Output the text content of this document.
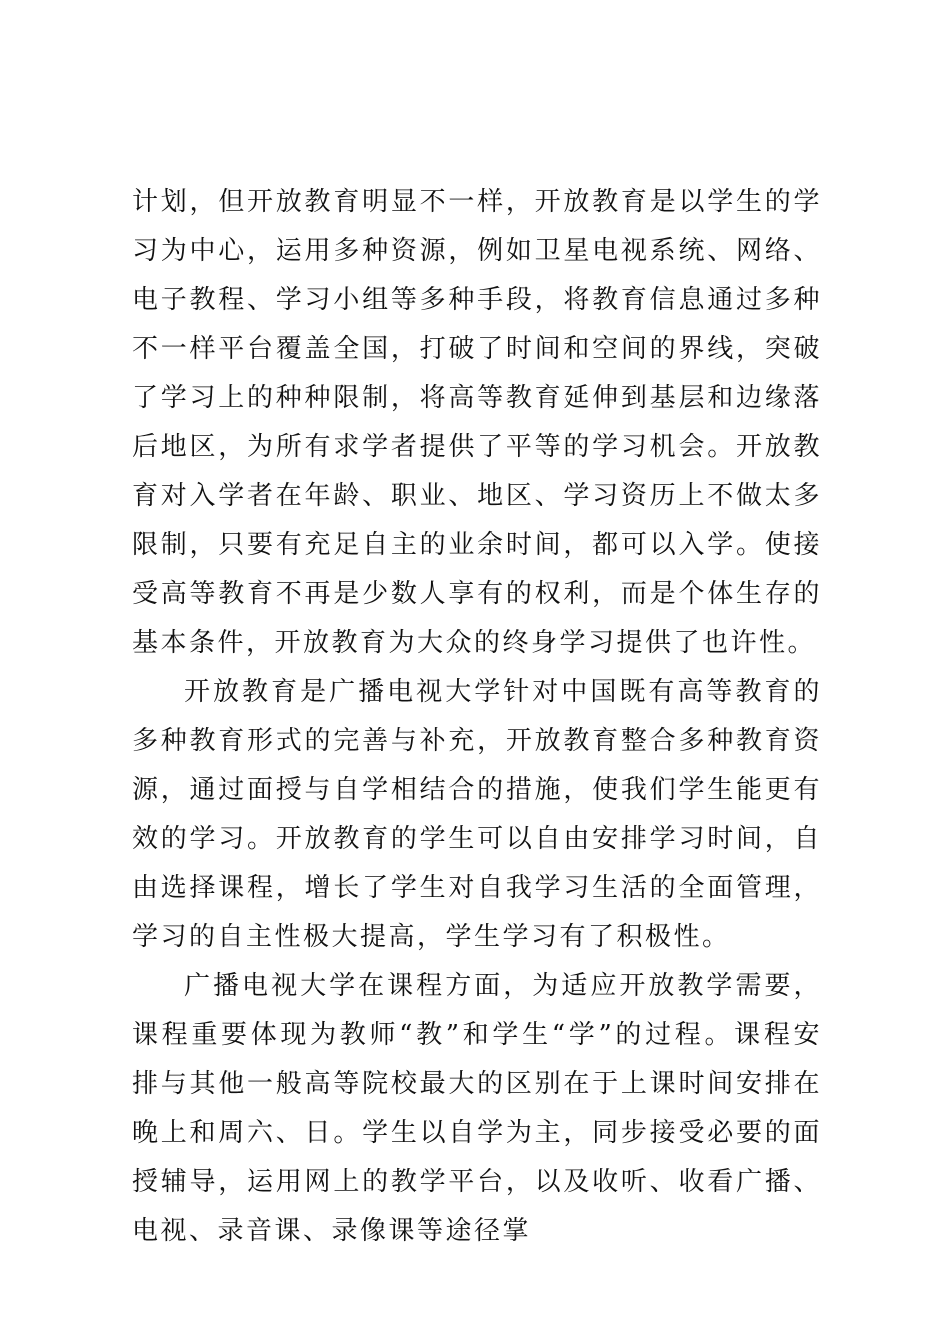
计划，但开放教育明显不一样，开放教育是以学生的学习为中心，运用多种资源，例如卫星电视系统、网络、电子教程、学习小组等多种手段，将教育信息通过多种不一样平台覆盖全国，打破了时间和空间的界线，突破了学习上的种种限制，将高等教育延伸到基层和边缘落后地区，为所有求学者提供了平等的学习机会。开放教育对入学者在年龄、职业、地区、学习资历上不做太多限制，只要有充足自主的业余时间，都可以入学。使接受高等教育不再是少数人享有的权利，而是个体生存的基本条件，开放教育为大众的终身学习提供了也许性。

开放教育是广播电视大学针对中国既有高等教育的多种教育形式的完善与补充，开放教育整合多种教育资源，通过面授与自学相结合的措施，使我们学生能更有效的学习。开放教育的学生可以自由安排学习时间，自由选择课程，增长了学生对自我学习生活的全面管理，学习的自主性极大提高，学生学习有了积极性。

广播电视大学在课程方面，为适应开放教学需要，课程重要体现为教师“教”和学生“学”的过程。课程安排与其他一般高等院校最大的区别在于上课时间安排在晚上和周六、日。学生以自学为主，同步接受必要的面授辅导，运用网上的教学平台，以及收听、收看广播、电视、录音课、录像课等途径掌
